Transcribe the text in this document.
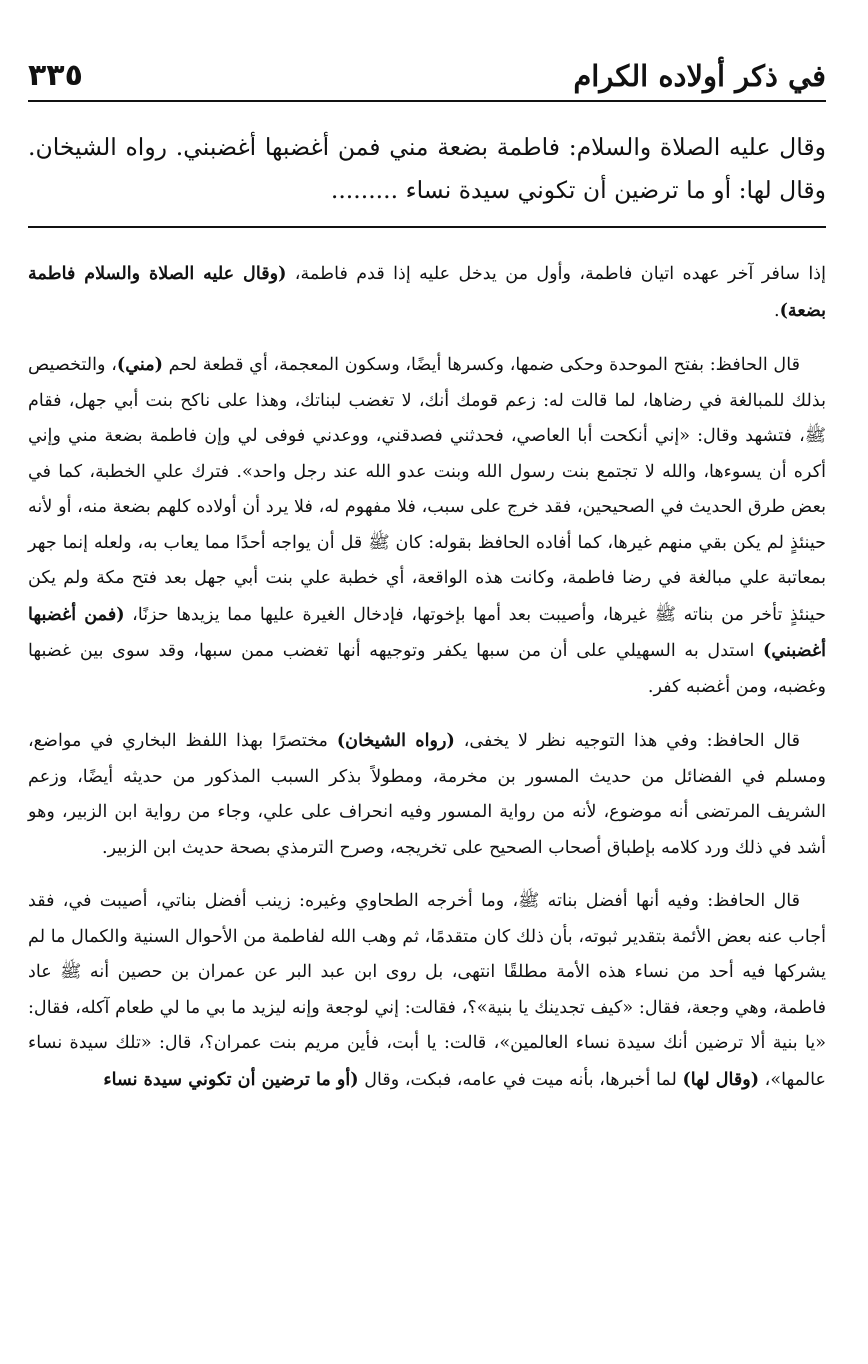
في ذكر أولاده الكرام
٣٣٥
وقال عليه الصلاة والسلام: فاطمة بضعة مني فمن أغضبها أغضبني. رواه الشيخان. وقال لها: أو ما ترضين أن تكوني سيدة نساء .........

إذا سافر آخر عهده اتيان فاطمة، وأول من يدخل عليه إذا قدم فاطمة، (وقال عليه الصلاة والسلام فاطمة بضعة).

قال الحافظ: بفتح الموحدة وحكى ضمها، وكسرها أيضًا، وسكون المعجمة، أي قطعة لحم (مني)، والتخصيص بذلك للمبالغة في رضاها، لما قالت له: زعم قومك أنك، لا تغضب لبناتك، وهذا على ناكح بنت أبي جهل، فقام ﷺ، فتشهد وقال: «إني أنكحت أبا العاصي، فحدثني فصدقني، ووعدني فوفى لي وإن فاطمة بضعة مني وإني أكره أن يسوءها، والله لا تجتمع بنت رسول الله وبنت عدو الله عند رجل واحد». فترك علي الخطبة، كما في بعض طرق الحديث في الصحيحين، فقد خرج على سبب، فلا مفهوم له، فلا يرد أن أولاده كلهم بضعة منه، أو لأنه حينئذٍ لم يكن بقي منهم غيرها، كما أفاده الحافظ بقوله: كان ﷺ قل أن يواجه أحدًا مما يعاب به، ولعله إنما جهر بمعاتبة علي مبالغة في رضا فاطمة، وكانت هذه الواقعة، أي خطبة علي بنت أبي جهل بعد فتح مكة ولم يكن حينئذٍ تأخر من بناته ﷺ غيرها، وأصيبت بعد أمها بإخوتها، فإدخال الغيرة عليها مما يزيدها حزنًا، (فمن أغضبها أغضبني) استدل به السهيلي على أن من سبها يكفر وتوجيهه أنها تغضب ممن سبها، وقد سوى بين غضبها وغضبه، ومن أغضبه كفر.

قال الحافظ: وفي هذا التوجيه نظر لا يخفى، (رواه الشيخان) مختصرًا بهذا اللفظ البخاري في مواضع، ومسلم في الفضائل من حديث المسور بن مخرمة، ومطولاً بذكر السبب المذكور من حديثه أيضًا، وزعم الشريف المرتضى أنه موضوع، لأنه من رواية المسور وفيه انحراف على علي، وجاء من رواية ابن الزبير، وهو أشد في ذلك ورد كلامه بإطباق أصحاب الصحيح على تخريجه، وصرح الترمذي بصحة حديث ابن الزبير.

قال الحافظ: وفيه أنها أفضل بناته ﷺ، وما أخرجه الطحاوي وغيره: زينب أفضل بناتي، أصيبت في، فقد أجاب عنه بعض الأئمة بتقدير ثبوته، بأن ذلك كان متقدمًا، ثم وهب الله لفاطمة من الأحوال السنية والكمال ما لم يشركها فيه أحد من نساء هذه الأمة مطلقًا انتهى، بل روى ابن عبد البر عن عمران بن حصين أنه ﷺ عاد فاطمة، وهي وجعة، فقال: «كيف تجدينك يا بنية»؟، فقالت: إني لوجعة وإنه ليزيد ما بي ما لي طعام آكله، فقال: «يا بنية ألا ترضين أنك سيدة نساء العالمين»، قالت: يا أبت، فأين مريم بنت عمران؟، قال: «تلك سيدة نساء عالمها»، (وقال لها) لما أخبرها، بأنه ميت في عامه، فبكت، وقال (أو ما ترضين أن تكوني سيدة نساء
